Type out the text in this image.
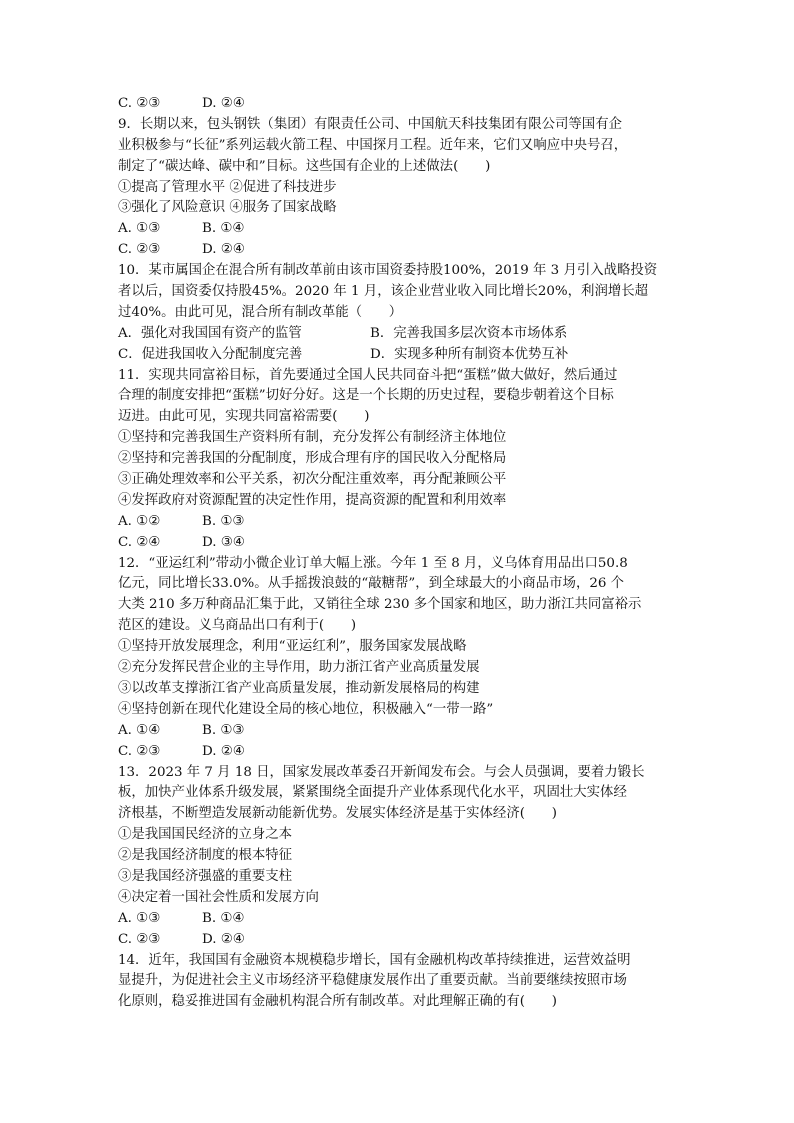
C. ②③	D. ②④
9．长期以来，包头钢铁（集团）有限责任公司、中国航天科技集团有限公司等国有企
业积极参与“长征”系列运载火箭工程、中国探月工程。近年来，它们又响应中央号召，
制定了“碳达峰、碳中和”目标。这些国有企业的上述做法(　　)
①提高了管理水平 ②促进了科技进步
③强化了风险意识 ④服务了国家战略
A. ①③	B. ①④
C. ②③	D. ②④
10．某市属国企在混合所有制改革前由该市国资委持股100%，2019 年 3 月引入战略投资
者以后，国资委仅持股45%。2020 年 1 月，该企业营业收入同比增长20%，利润增长超
过40%。由此可见，混合所有制改革能（　　）
A．强化对我国国有资产的监管	B．完善我国多层次资本市场体系
C．促进我国收入分配制度完善	D．实现多种所有制资本优势互补
11．实现共同富裕目标，首先要通过全国人民共同奋斗把“蛋糕”做大做好，然后通过
合理的制度安排把“蛋糕”切好分好。这是一个长期的历史过程，要稳步朝着这个目标
迈进。由此可见，实现共同富裕需要(　　)
①坚持和完善我国生产资料所有制，充分发挥公有制经济主体地位
②坚持和完善我国的分配制度，形成合理有序的国民收入分配格局
③正确处理效率和公平关系，初次分配注重效率，再分配兼顾公平
④发挥政府对资源配置的决定性作用，提高资源的配置和利用效率
A. ①②	B. ①③
C. ②④	D. ③④
12．“亚运红利”带动小微企业订单大幅上涨。今年 1 至 8 月，义乌体育用品出口50.8
亿元，同比增长33.0%。从手摇拨浪鼓的“敲糖帮”，到全球最大的小商品市场，26 个
大类 210 多万种商品汇集于此，又销往全球 230 多个国家和地区，助力浙江共同富裕示
范区的建设。义乌商品出口有利于(　　)
①坚持开放发展理念，利用“亚运红利”，服务国家发展战略
②充分发挥民营企业的主导作用，助力浙江省产业高质量发展
③以改革支撑浙江省产业高质量发展，推动新发展格局的构建
④坚持创新在现代化建设全局的核心地位，积极融入“一带一路”
A. ①④	B. ①③
C. ②③	D. ②④
13．2023 年 7 月 18 日，国家发展改革委召开新闻发布会。与会人员强调，要着力锻长
板，加快产业体系升级发展，紧紧围绕全面提升产业体系现代化水平，巩固壮大实体经
济根基，不断塑造发展新动能新优势。发展实体经济是基于实体经济(　　)
①是我国国民经济的立身之本
②是我国经济制度的根本特征
③是我国经济强盛的重要支柱
④决定着一国社会性质和发展方向
A. ①③	B. ①④
C. ②③	D. ②④
14．近年，我国国有金融资本规模稳步增长，国有金融机构改革持续推进，运营效益明
显提升，为促进社会主义市场经济平稳健康发展作出了重要贡献。当前要继续按照市场
化原则，稳妥推进国有金融机构混合所有制改革。对此理解正确的有(　　)
